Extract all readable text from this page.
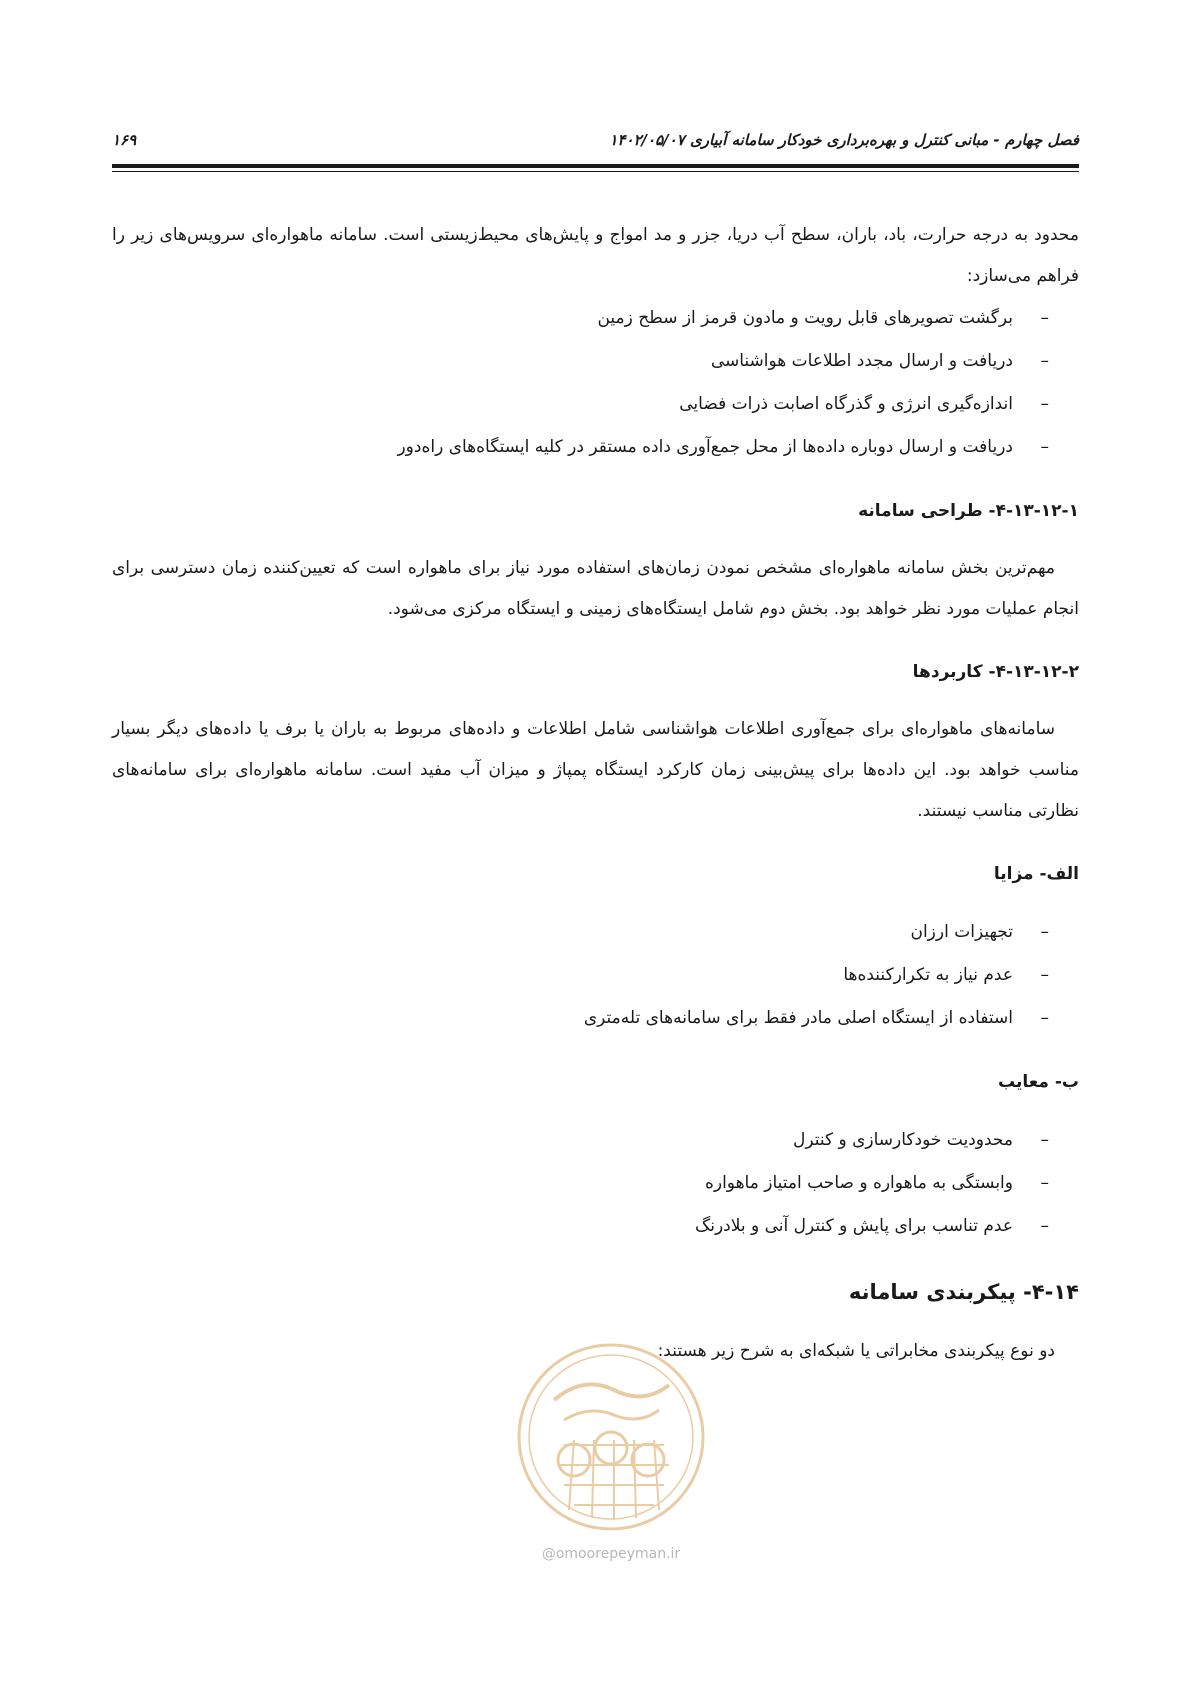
۱۶۹	فصل چهارم - مبانی کنترل و بهره‌برداری خودکار سامانه آبیاری ۱۴۰۲/۰۵/۰۷

محدود به درجه حرارت، باد، باران، سطح آب دریا، جزر و مد امواج و پایش‌های محیط‌زیستی است. سامانه ماهواره‌ای سرویس‌های زیر را فراهم می‌سازد:

– برگشت تصویرهای قابل رویت و مادون قرمز از سطح زمین
– دریافت و ارسال مجدد اطلاعات هواشناسی
– اندازه‌گیری انرژی و گذرگاه اصابت ذرات فضایی
– دریافت و ارسال دوباره داده‌ها از محل جمع‌آوری داده مستقر در کلیه ایستگاه‌های راه‌دور
۴-۱۳-۱۲-۱- طراحی سامانه

مهم‌ترین بخش سامانه ماهواره‌ای مشخص نمودن زمان‌های استفاده مورد نیاز برای ماهواره است که تعیین‌کننده زمان دسترسی برای انجام عملیات مورد نظر خواهد بود. بخش دوم شامل ایستگاه‌های زمینی و ایستگاه مرکزی می‌شود.

۴-۱۳-۱۲-۲- کاربردها

سامانه‌های ماهواره‌ای برای جمع‌آوری اطلاعات هواشناسی شامل اطلاعات و داده‌های مربوط به باران یا برف یا داده‌های دیگر بسیار مناسب خواهد بود. این داده‌ها برای پیش‌بینی زمان کارکرد ایستگاه پمپاژ و میزان آب مفید است. سامانه ماهواره‌ای برای سامانه‌های نظارتی مناسب نیستند.

الف- مزایا
– تجهیزات ارزان
– عدم نیاز به تکرارکننده‌ها
– استفاده از ایستگاه اصلی مادر فقط برای سامانه‌های تله‌متری
ب- معایب
– محدودیت خودکارسازی و کنترل
– وابستگی به ماهواره و صاحب امتیاز ماهواره
– عدم تناسب برای پایش و کنترل آنی و بلادرنگ
۴-۱۴- پیکربندی سامانه

دو نوع پیکربندی مخابراتی یا شبکه‌ای به شرح زیر هستند:

@omoorepeyman.ir
